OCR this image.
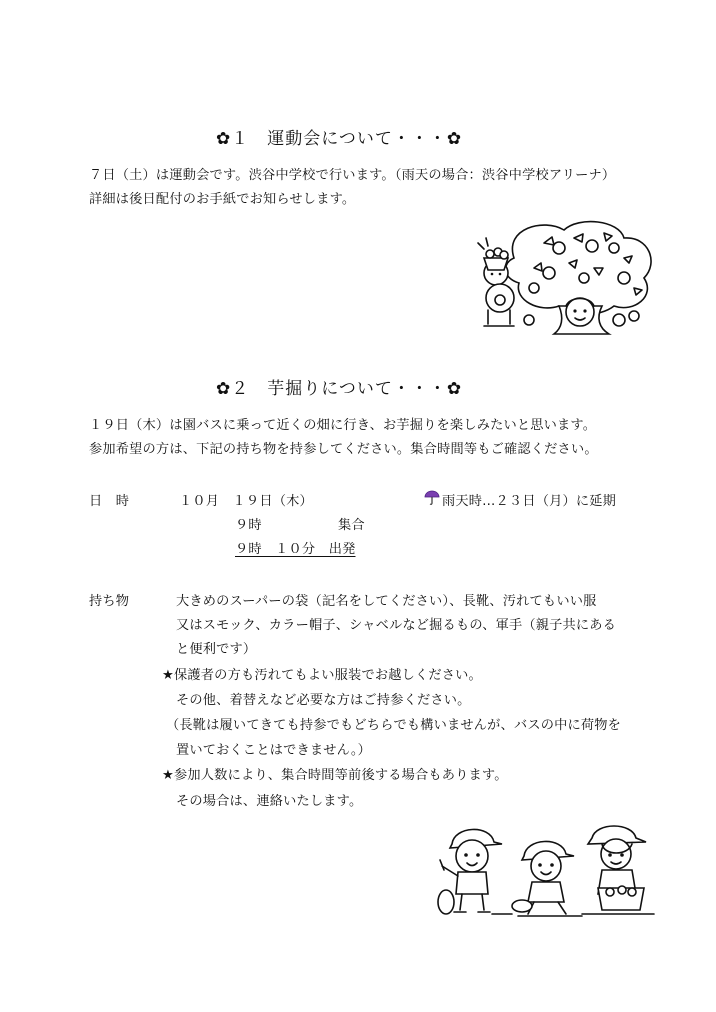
✿１　運動会について・・・✿
７日（土）は運動会です。渋谷中学校で行います。（雨天の場合：渋谷中学校アリーナ）
詳細は後日配付のお手紙でお知らせします。
✿２　芋掘りについて・・・✿
１９日（木）は園バスに乗って近くの畑に行き、お芋掘りを楽しみたいと思います。
参加希望の方は、下記の持ち物を持参してください。集合時間等もご確認ください。
日　時	１０月　１９日（木）	雨天時…２３日（月）に延期
９時	集合
９時　１０分　出発
持ち物	大きめのスーパーの袋（記名をしてください）、長靴、汚れてもいい服
又はスモック、カラー帽子、シャベルなど掘るもの、軍手（親子共にある
と便利です）
★保護者の方も汚れてもよい服装でお越しください。
その他、着替えなど必要な方はご持参ください。
（長靴は履いてきても持参でもどちらでも構いませんが、バスの中に荷物を
置いておくことはできません。）
★参加人数により、集合時間等前後する場合もあります。
その場合は、連絡いたします。
